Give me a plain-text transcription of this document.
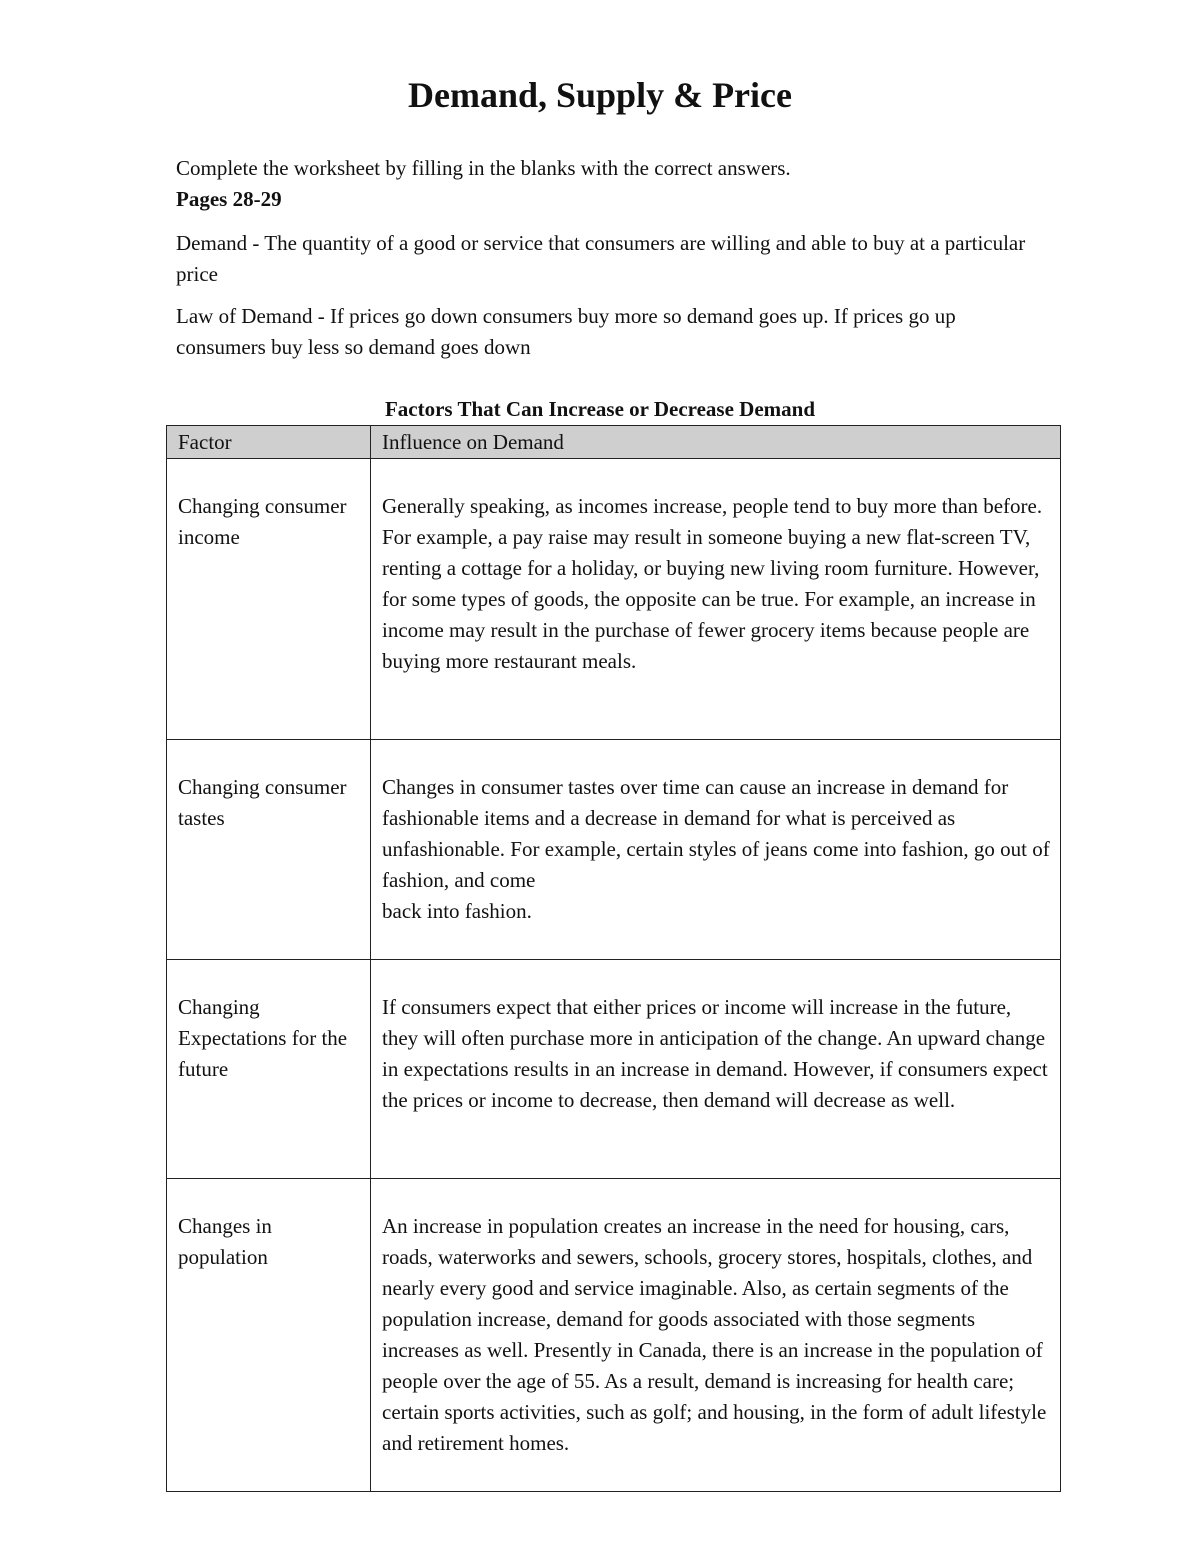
Demand, Supply & Price
Complete the worksheet by filling in the blanks with the correct answers.
Pages 28-29
Demand - The quantity of a good or service that consumers are willing and able to buy at a particular price
Law of Demand - If prices go down consumers buy more so demand goes up. If prices go up consumers buy less so demand goes down
Factors That Can Increase or Decrease Demand
Factor	Influence on Demand
Changing consumer income	Generally speaking, as incomes increase, people tend to buy more than before. For example, a pay raise may result in someone buying a new flat-screen TV, renting a cottage for a holiday, or buying new living room furniture. However, for some types of goods, the opposite can be true. For example, an increase in income may result in the purchase of fewer grocery items because people are buying more restaurant meals.
Changing consumer tastes	Changes in consumer tastes over time can cause an increase in demand for fashionable items and a decrease in demand for what is perceived as unfashionable. For example, certain styles of jeans come into fashion, go out of fashion, and come
back into fashion.
Changing Expectations for the future	If consumers expect that either prices or income will increase in the future, they will often purchase more in anticipation of the change. An upward change in expectations results in an increase in demand. However, if consumers expect the prices or income to decrease, then demand will decrease as well.
Changes in population	An increase in population creates an increase in the need for housing, cars, roads, waterworks and sewers, schools, grocery stores, hospitals, clothes, and nearly every good and service imaginable. Also, as certain segments of the population increase, demand for goods associated with those segments increases as well. Presently in Canada, there is an increase in the population of people over the age of 55. As a result, demand is increasing for health care; certain sports activities, such as golf; and housing, in the form of adult lifestyle and retirement homes.
